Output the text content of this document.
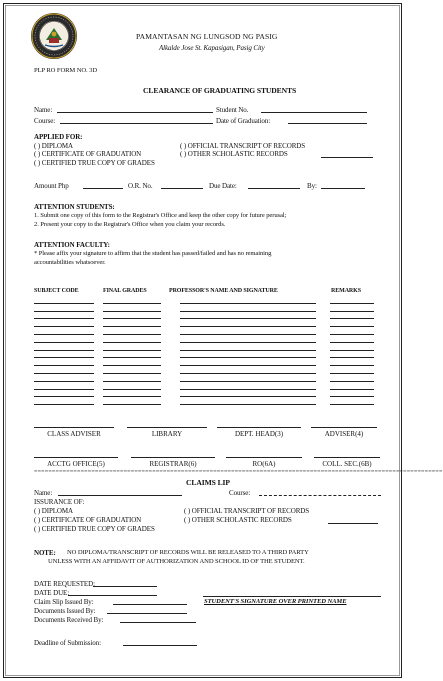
PAMANTASAN NG LUNGSOD NG PASIG
Alkalde Jose St. Kapasigan, Pasig City
PLP RO FORM NO. 3D
CLEARANCE OF GRADUATING STUDENTS
Name:	Student No.
Course:	Date of Graduation:
APPLIED FOR:
( ) DIPLOMA	( ) OFFICIAL TRANSCRIPT OF RECORDS
( ) CERTIFICATE OF GRADUATION	( ) OTHER SCHOLASTIC RECORDS
( ) CERTIFIED TRUE COPY OF GRADES
Amount Php	O.R. No.	Due Date:	By:
ATTENTION STUDENTS:
1. Submit one copy of this form to the Registrar's Office and keep the other copy for future perusal;
2. Present your copy to the Registrar's Office when you claim your records.
ATTENTION FACULTY:
* Please affix your signature to affirm that the student has passed/failed and has no remaining
accountabilities whatsoever.
SUBJECT CODE	FINAL GRADES	PROFESSOR'S NAME AND SIGNATURE	REMARKS
CLASS ADVISER	LIBRARY	DEPT. HEAD(3)	ADVISER(4)
ACCTG OFFICE(5)	REGISTRAR(6)	RO(6A)	COLL. SEC.(6B)
==================================================================================================================
CLAIMS LIP
Name:	Course:
ISSURANCE OF:
( ) DIPLOMA	( ) OFFICIAL TRANSCRIPT OF RECORDS
( ) CERTIFICATE OF GRADUATION	( ) OTHER SCHOLASTIC RECORDS
( ) CERTIFIED TRUE COPY OF GRADES
NOTE: NO DIPLOMA/TRANSCRIPT OF RECORDS WILL BE RELEASED TO A THIRD PARTY
UNLESS WITH AN AFFIDAVIT OF AUTHORIZATION AND SCHOOL ID OF THE STUDENT.
DATE REQUESTED:
DATE DUE:
Claim Slip Issued By:
Documents Issued By:
Documents Received By:
STUDENT'S SIGNATURE OVER PRINTED NAME
Deadline of Submission:
